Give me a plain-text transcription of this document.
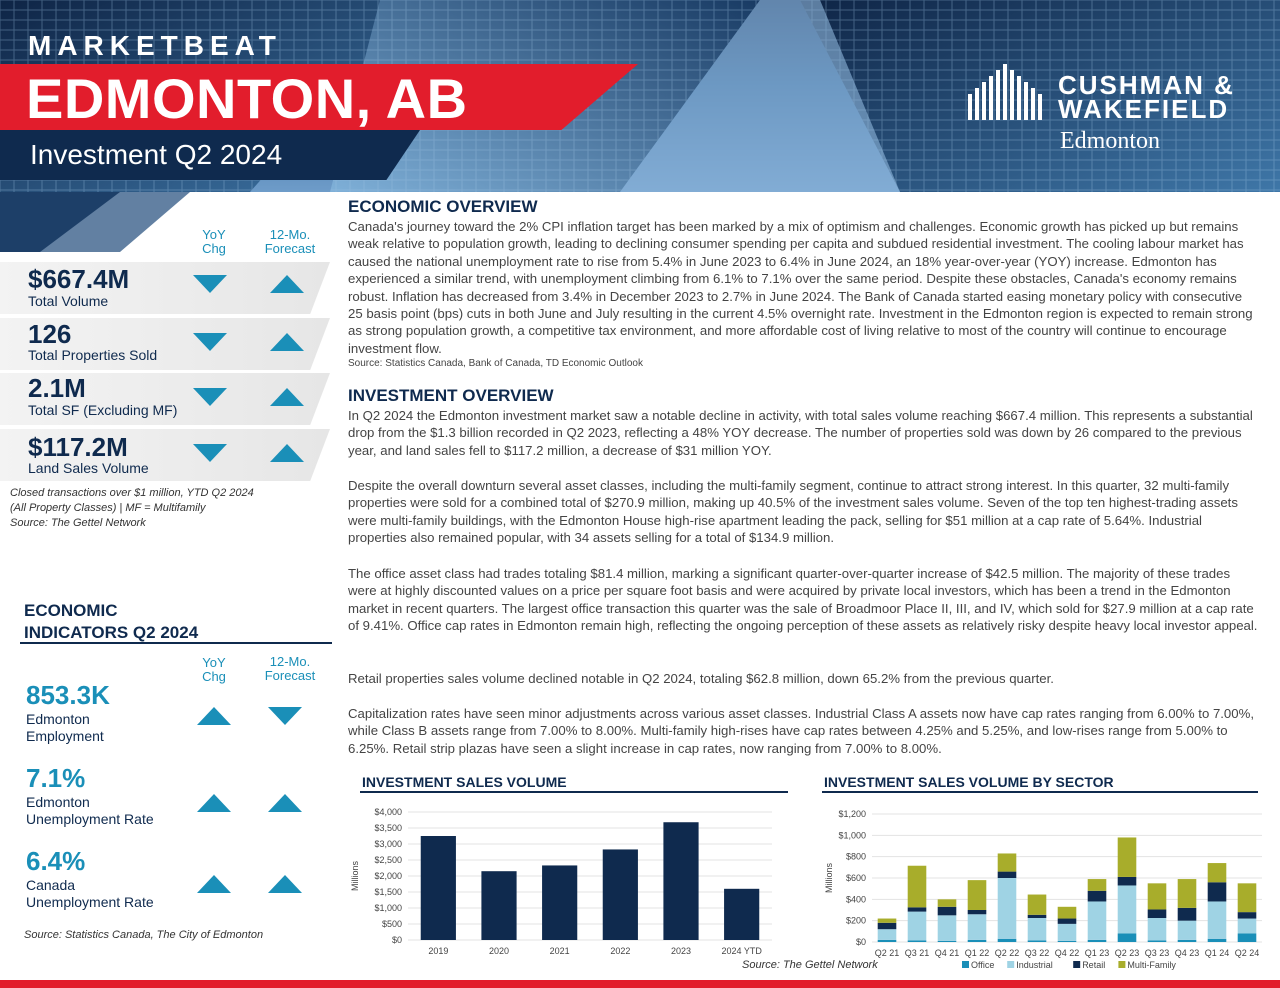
MARKETBEAT
EDMONTON, AB
Investment Q2 2024
CUSHMAN &
WAKEFIELD
Edmonton
YoY Chg
12-Mo. Forecast
$667.4M
Total Volume
126
Total Properties Sold
2.1M
Total SF (Excluding MF)
$117.2M
Land Sales Volume
Closed transactions over $1 million, YTD Q2 2024
(All Property Classes) | MF = Multifamily
Source: The Gettel Network
ECONOMIC
INDICATORS Q2 2024
YoY Chg
12-Mo. Forecast
853.3K
Edmonton
Employment
7.1%
Edmonton
Unemployment Rate
6.4%
Canada
Unemployment Rate
Source: Statistics Canada, The City of Edmonton
ECONOMIC OVERVIEW
Canada's journey toward the 2% CPI inflation target has been marked by a mix of optimism and challenges. Economic growth has picked up but remains weak relative to population growth, leading to declining consumer spending per capita and subdued residential investment. The cooling labour market has caused the national unemployment rate to rise from 5.4% in June 2023 to 6.4% in June 2024, an 18% year-over-year (YOY) increase. Edmonton has experienced a similar trend, with unemployment climbing from 6.1% to 7.1% over the same period. Despite these obstacles, Canada's economy remains robust. Inflation has decreased from 3.4% in December 2023 to 2.7% in June 2024. The Bank of Canada started easing monetary policy with consecutive 25 basis point (bps) cuts in both June and July resulting in the current 4.5% overnight rate. Investment in the Edmonton region is expected to remain strong as strong population growth, a competitive tax environment, and more affordable cost of living relative to most of the country will continue to encourage investment flow.
Source: Statistics Canada, Bank of Canada, TD Economic Outlook
INVESTMENT OVERVIEW
In Q2 2024 the Edmonton investment market saw a notable decline in activity, with total sales volume reaching $667.4 million. This represents a substantial drop from the $1.3 billion recorded in Q2 2023, reflecting a 48% YOY decrease. The number of properties sold was down by 26 compared to the previous year, and land sales fell to $117.2 million, a decrease of $31 million YOY.
Despite the overall downturn several asset classes, including the multi-family segment, continue to attract strong interest. In this quarter, 32 multi-family properties were sold for a combined total of $270.9 million, making up 40.5% of the investment sales volume. Seven of the top ten highest-trading assets were multi-family buildings, with the Edmonton House high-rise apartment leading the pack, selling for $51 million at a cap rate of 5.64%. Industrial properties also remained popular, with 34 assets selling for a total of $134.9 million.
The office asset class had trades totaling $81.4 million, marking a significant quarter-over-quarter increase of $42.5 million. The majority of these trades were at highly discounted values on a price per square foot basis and were acquired by private local investors, which has been a trend in the Edmonton market in recent quarters. The largest office transaction this quarter was the sale of Broadmoor Place II, III, and IV, which sold for $27.9 million at a cap rate of 9.41%. Office cap rates in Edmonton remain high, reflecting the ongoing perception of these assets as relatively risky despite heavy local investor appeal.
Retail properties sales volume declined notable in Q2 2024, totaling $62.8 million, down 65.2% from the previous quarter.
Capitalization rates have seen minor adjustments across various asset classes. Industrial Class A assets now have cap rates ranging from 6.00% to 7.00%, while Class B assets range from 7.00% to 8.00%. Multi-family high-rises have cap rates between 4.25% and 5.25%, and low-rises range from 5.00% to 6.25%. Retail strip plazas have seen a slight increase in cap rates, now ranging from 7.00% to 8.00%.
INVESTMENT SALES VOLUME
$0
$500
$1,000
$1,500
$2,000
$2,500
$3,000
$3,500
$4,000
Millions
2019	2020	2021	2022	2023	2024 YTD
INVESTMENT SALES VOLUME BY SECTOR
$0
$200
$400
$600
$800
$1,000
$1,200
Millions
Q2 21 Q3 21 Q4 21 Q1 22 Q2 22 Q3 22 Q4 22 Q1 23 Q2 23 Q3 23 Q4 23 Q1 24 Q2 24
Office Industrial	Retail Multi-Family
Source: The Gettel Network
